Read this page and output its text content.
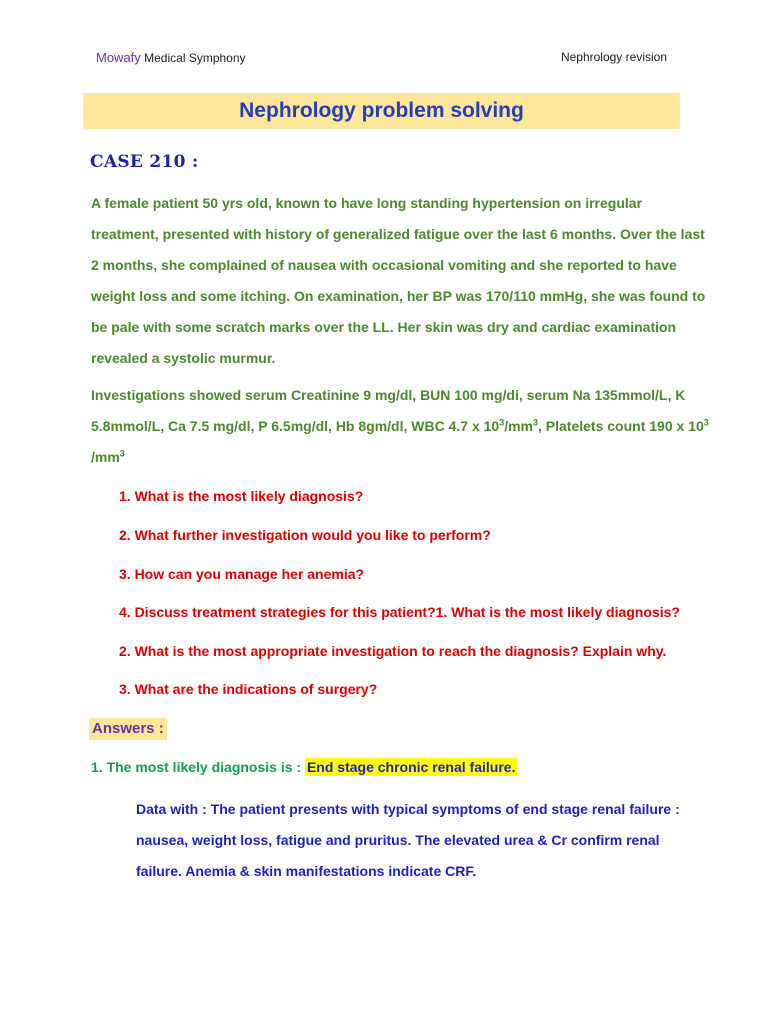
Mowafy Medical Symphony	Nephrology revision
Nephrology problem solving
CASE 210 :
A female patient 50 yrs old, known to have long standing hypertension on irregular treatment, presented with history of generalized fatigue over the last 6 months. Over the last 2 months, she complained of nausea with occasional vomiting and she reported to have weight loss and some itching. On examination, her BP was 170/110 mmHg, she was found to be pale with some scratch marks over the LL. Her skin was dry and cardiac examination revealed a systolic murmur.
Investigations showed serum Creatinine 9 mg/dl, BUN 100 mg/di, serum Na 135mmol/L, K 5.8mmol/L, Ca 7.5 mg/dl, P 6.5mg/dl, Hb 8gm/dl, WBC 4.7 x $10^3/mm^3$, Platelets count 190 x $10^3$ $/mm^3$
1. What is the most likely diagnosis?
2. What further investigation would you like to perform?
3. How can you manage her anemia?
4. Discuss treatment strategies for this patient?1. What is the most likely diagnosis?
2. What is the most appropriate investigation to reach the diagnosis? Explain why.
3. What are the indications of surgery?
Answers :
1. The most likely diagnosis is : End stage chronic renal failure.
Data with : The patient presents with typical symptoms of end stage renal failure : nausea, weight loss, fatigue and pruritus. The elevated urea & Cr confirm renal failure. Anemia & skin manifestations indicate CRF.
